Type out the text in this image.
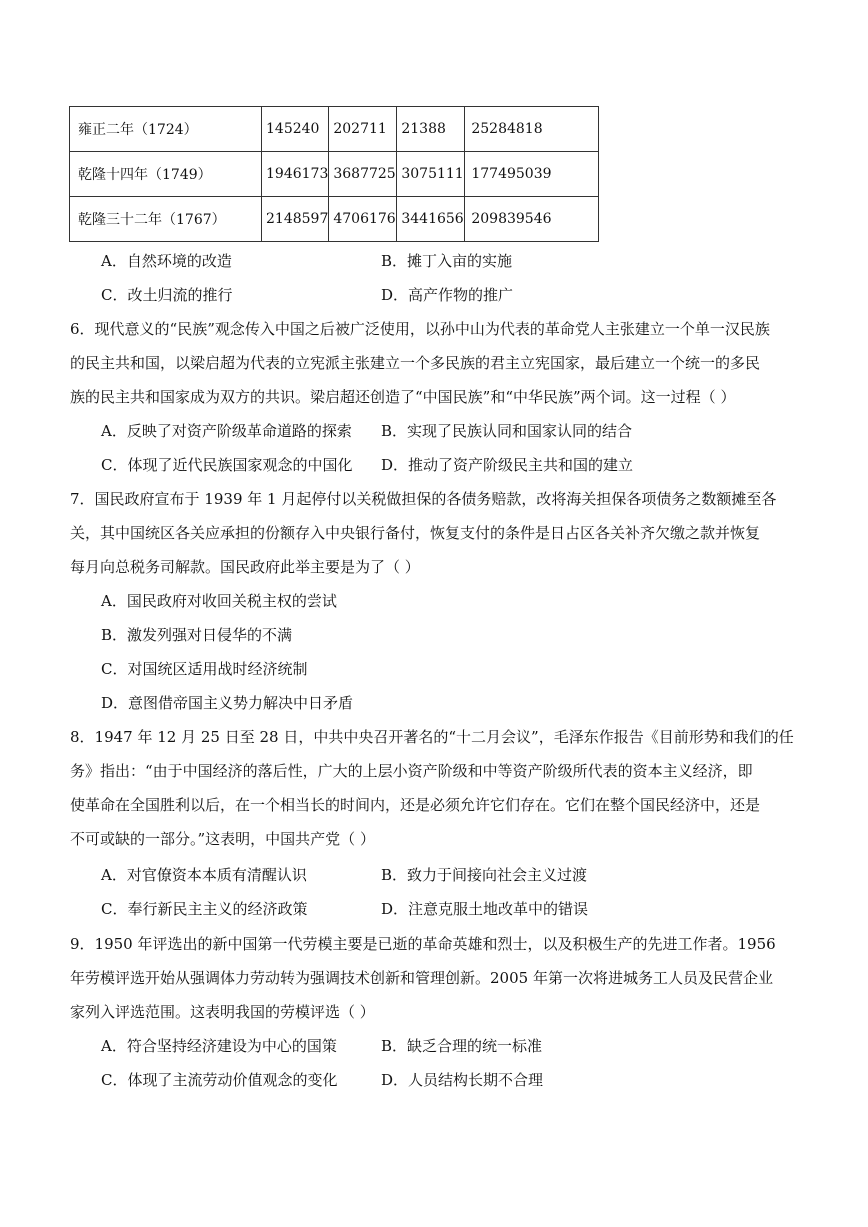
雍正二年（1724）	145240	202711	21388	25284818
乾隆十四年（1749）	1946173	3687725	3075111	177495039
乾隆三十二年（1767）	2148597	4706176	3441656	209839546
A．自然环境的改造	B．摊丁入亩的实施
C．改土归流的推行	D．高产作物的推广
6．现代意义的“民族”观念传入中国之后被广泛使用，以孙中山为代表的革命党人主张建立一个单一汉民族
的民主共和国，以梁启超为代表的立宪派主张建立一个多民族的君主立宪国家，最后建立一个统一的多民
族的民主共和国家成为双方的共识。梁启超还创造了“中国民族”和“中华民族”两个词。这一过程（ ）
A．反映了对资产阶级革命道路的探索 B．实现了民族认同和国家认同的结合
C．体现了近代民族国家观念的中国化 D．推动了资产阶级民主共和国的建立
7．国民政府宣布于 1939 年 1 月起停付以关税做担保的各债务赔款，改将海关担保各项债务之数额摊至各
关，其中国统区各关应承担的份额存入中央银行备付，恢复支付的条件是日占区各关补齐欠缴之款并恢复
每月向总税务司解款。国民政府此举主要是为了（ ）
A．国民政府对收回关税主权的尝试
B．激发列强对日侵华的不满
C．对国统区适用战时经济统制
D．意图借帝国主义势力解决中日矛盾
8．1947 年 12 月 25 日至 28 日，中共中央召开著名的“十二月会议”，毛泽东作报告《目前形势和我们的任
务》指出：“由于中国经济的落后性，广大的上层小资产阶级和中等资产阶级所代表的资本主义经济，即
使革命在全国胜利以后，在一个相当长的时间内，还是必须允许它们存在。它们在整个国民经济中，还是
不可或缺的一部分。”这表明，中国共产党（ ）
A．对官僚资本本质有清醒认识	B．致力于间接向社会主义过渡
C．奉行新民主主义的经济政策	D．注意克服土地改革中的错误
9．1950 年评选出的新中国第一代劳模主要是已逝的革命英雄和烈士，以及积极生产的先进工作者。1956
年劳模评选开始从强调体力劳动转为强调技术创新和管理创新。2005 年第一次将进城务工人员及民营企业
家列入评选范围。这表明我国的劳模评选（ ）
A．符合坚持经济建设为中心的国策	B．缺乏合理的统一标准
C．体现了主流劳动价值观念的变化	D．人员结构长期不合理
